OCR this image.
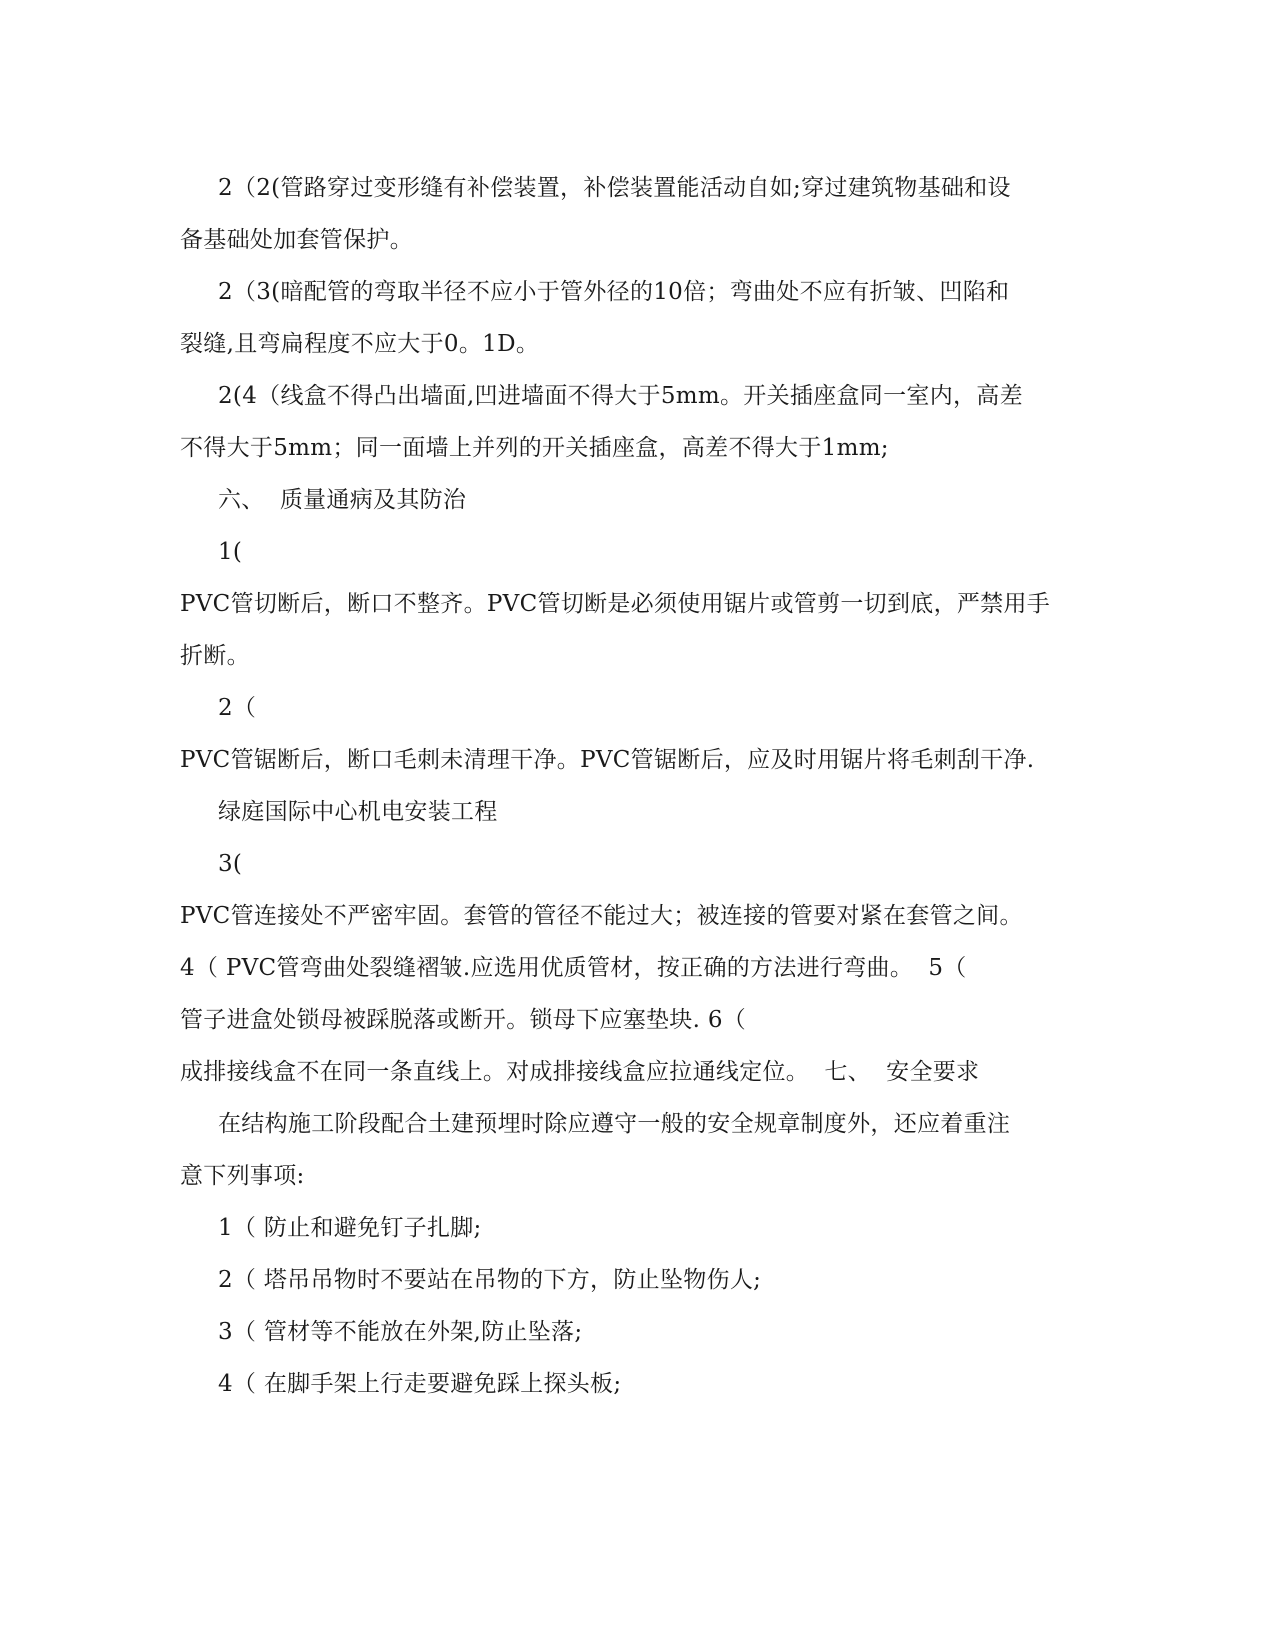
2（2(管路穿过变形缝有补偿装置，补偿装置能活动自如;穿过建筑物基础和设

备基础处加套管保护。

2（3(暗配管的弯取半径不应小于管外径的10倍；弯曲处不应有折皱、凹陷和

裂缝,且弯扁程度不应大于0。1D。

2(4（线盒不得凸出墙面,凹进墙面不得大于5mm。开关插座盒同一室内，高差

不得大于5mm；同一面墙上并列的开关插座盒，高差不得大于1mm;

六、  质量通病及其防治

1(

PVC管切断后，断口不整齐。PVC管切断是必须使用锯片或管剪一切到底，严禁用手

折断。

2（

PVC管锯断后，断口毛刺未清理干净。PVC管锯断后，应及时用锯片将毛刺刮干净.

绿庭国际中心机电安装工程

3(

PVC管连接处不严密牢固。套管的管径不能过大；被连接的管要对紧在套管之间。

4（ PVC管弯曲处裂缝褶皱.应选用优质管材，按正确的方法进行弯曲。  5（

管子进盒处锁母被踩脱落或断开。锁母下应塞垫块. 6（

成排接线盒不在同一条直线上。对成排接线盒应拉通线定位。  七、  安全要求

在结构施工阶段配合土建预埋时除应遵守一般的安全规章制度外，还应着重注

意下列事项:

1（ 防止和避免钉子扎脚;

2（ 塔吊吊物时不要站在吊物的下方，防止坠物伤人;

3（ 管材等不能放在外架,防止坠落;

4（ 在脚手架上行走要避免踩上探头板;
